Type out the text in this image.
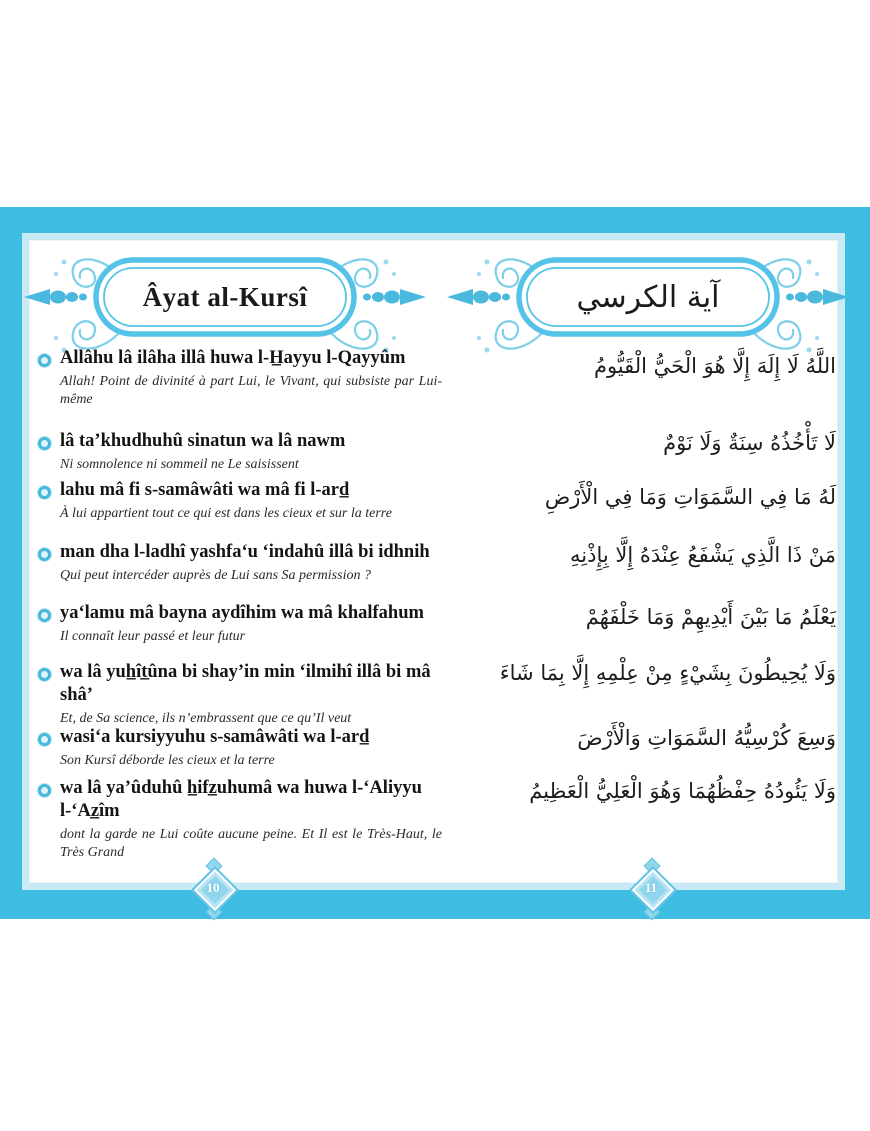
Âyat al-Kursî
Allâhu lâ ilâha illâ huwa l-H̲ayyu l-Qayyûm
Allah! Point de divinité à part Lui, le Vivant, qui subsiste par Lui-même
lâ ta’khudhuhû sinatun wa lâ nawm
Ni somnolence ni sommeil ne Le saisissent
lahu mâ fi s-samâwâti wa mâ fi l-ard̲
À lui appartient tout ce qui est dans les cieux et sur la terre
man dha l-ladhî yashfa‘u ‘indahû illâ bi idhnih
Qui peut intercéder auprès de Lui sans Sa permission ?
ya‘lamu mâ bayna aydîhim wa mâ khalfahum
Il connaît leur passé et leur futur
wa lâ yuh̲ît̲ûna bi shay’in min ‘ilmihî illâ bi mâ shâ’
Et, de Sa science, ils n’embrassent que ce qu’Il veut
wasi‘a kursiyyuhu s-samâwâti wa l-ard̲
Son Kursî déborde les cieux et la terre
wa lâ ya’ûduhû h̲ifz̲uhumâ wa huwa l-‘Aliyyu l-‘Az̲îm
dont la garde ne Lui coûte aucune peine. Et Il est le Très-Haut, le Très Grand
10
آية الكرسي
اللَّهُ لَا إِلَهَ إِلَّا هُوَ الْحَيُّ الْقَيُّومُ
لَا تَأْخُذُهُ سِنَةٌ وَلَا نَوْمٌ
لَهُ مَا فِي السَّمَوَاتِ وَمَا فِي الْأَرْضِ
مَنْ ذَا الَّذِي يَشْفَعُ عِنْدَهُ إِلَّا بِإِذْنِهِ
يَعْلَمُ مَا بَيْنَ أَيْدِيهِمْ وَمَا خَلْفَهُمْ
وَلَا يُحِيطُونَ بِشَيْءٍ مِنْ عِلْمِهِ إِلَّا بِمَا شَاءَ
وَسِعَ كُرْسِيُّهُ السَّمَوَاتِ وَالْأَرْضَ
وَلَا يَئُودُهُ حِفْظُهُمَا وَهُوَ الْعَلِيُّ الْعَظِيمُ
11
